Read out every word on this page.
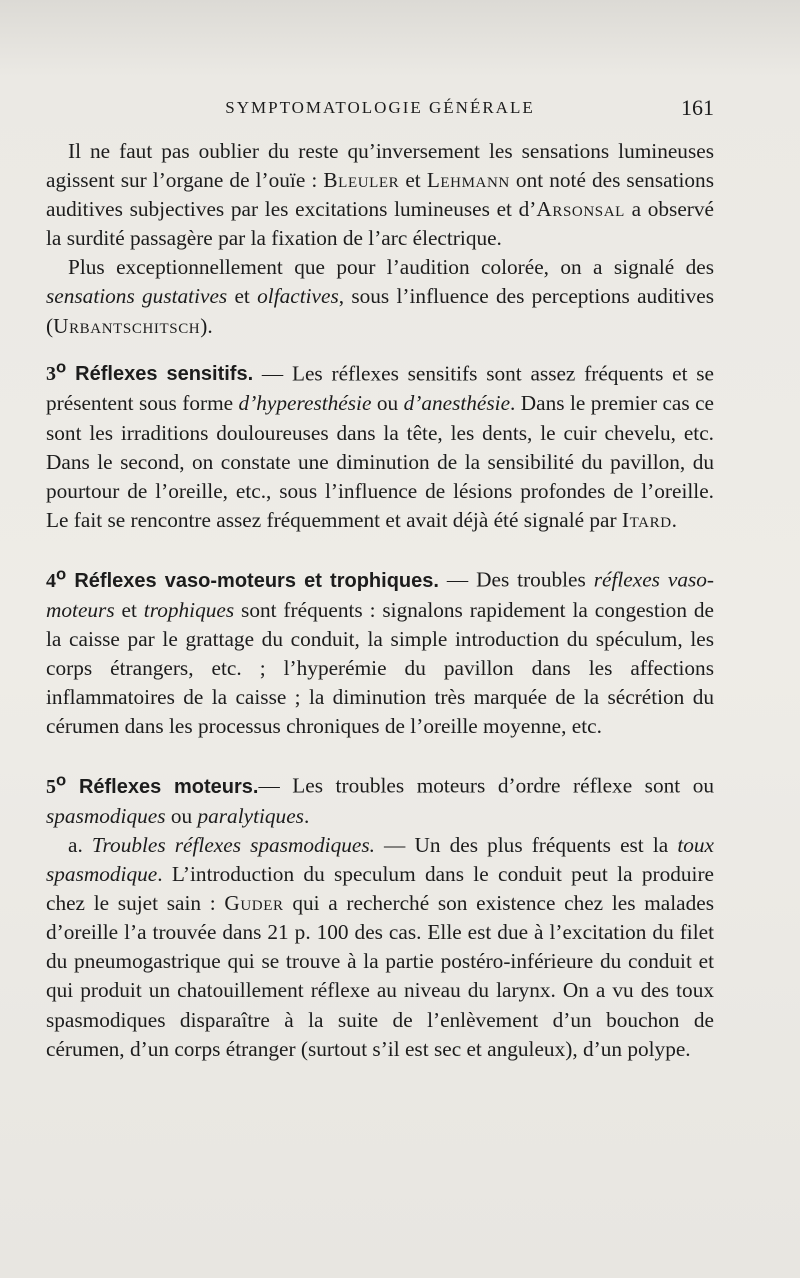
SYMPTOMATOLOGIE GÉNÉRALE	161

Il ne faut pas oublier du reste qu’inversement les sensations lumineuses agissent sur l’organe de l’ouïe : Bleuler et Lehmann ont noté des sensations auditives subjectives par les excitations lumineuses et d’Arsonsal a observé la surdité passagère par la fixation de l’arc électrique.

Plus exceptionnellement que pour l’audition colorée, on a signalé des sensations gustatives et olfactives, sous l’influence des perceptions auditives (Urbantschitsch).

3$^o$ Réflexes sensitifs. — Les réflexes sensitifs sont assez fréquents et se présentent sous forme d’hyperesthésie ou d’anesthésie. Dans le premier cas ce sont les irraditions douloureuses dans la tête, les dents, le cuir chevelu, etc. Dans le second, on constate une diminution de la sensibilité du pavillon, du pourtour de l’oreille, etc., sous l’influence de lésions profondes de l’oreille. Le fait se rencontre assez fréquemment et avait déjà été signalé par Itard.

4$^o$ Réflexes vaso-moteurs et trophiques. — Des troubles réflexes vaso-moteurs et trophiques sont fréquents : signalons rapidement la congestion de la caisse par le grattage du conduit, la simple introduction du spéculum, les corps étrangers, etc. ; l’hyperémie du pavillon dans les affections inflammatoires de la caisse ; la diminution très marquée de la sécrétion du cérumen dans les processus chroniques de l’oreille moyenne, etc.

5$^o$ Réflexes moteurs.— Les troubles moteurs d’ordre réflexe sont ou spasmodiques ou paralytiques.

a. Troubles réflexes spasmodiques. — Un des plus fréquents est la toux spasmodique. L’introduction du speculum dans le conduit peut la produire chez le sujet sain : Guder qui a recherché son existence chez les malades d’oreille l’a trouvée dans 21 p. 100 des cas. Elle est due à l’excitation du filet du pneumogastrique qui se trouve à la partie postéro-inférieure du conduit et qui produit un chatouillement réflexe au niveau du larynx. On a vu des toux spasmodiques disparaître à la suite de l’enlèvement d’un bouchon de cérumen, d’un corps étranger (surtout s’il est sec et anguleux), d’un polype.
